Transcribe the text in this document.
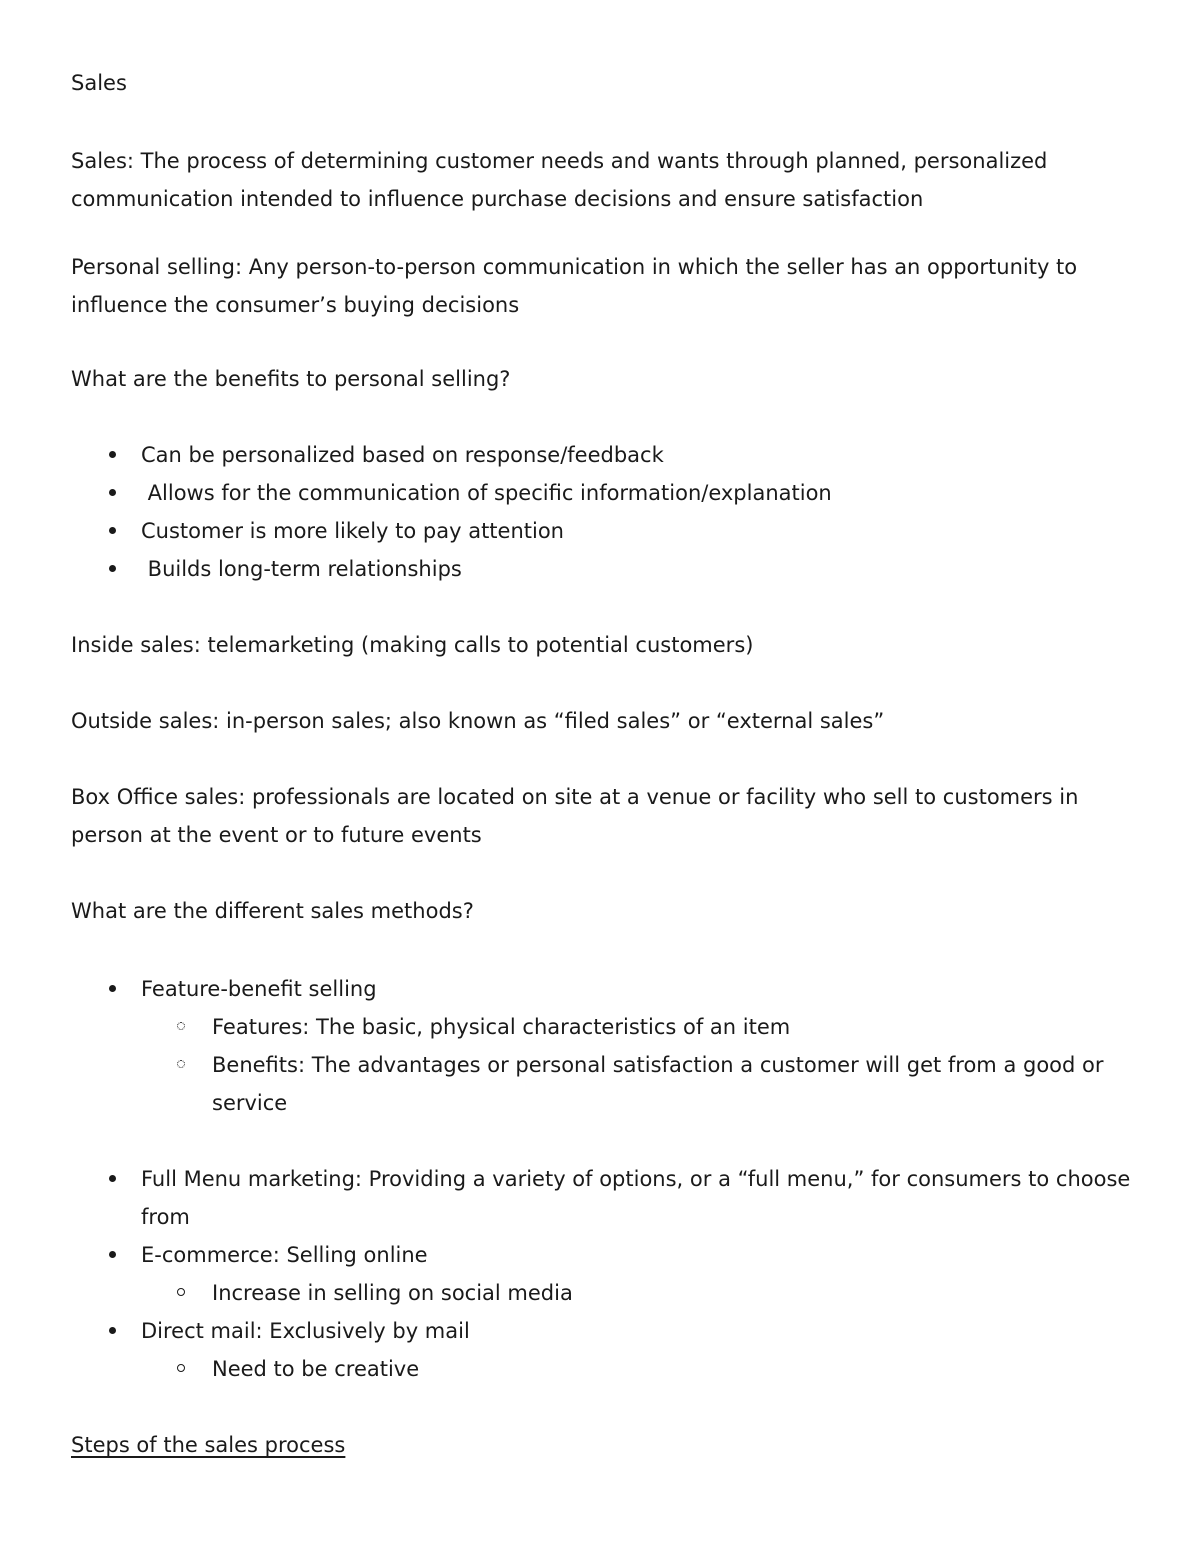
Sales

Sales: The process of determining customer needs and wants through planned, personalized communication intended to influence purchase decisions and ensure satisfaction

Personal selling: Any person-to-person communication in which the seller has an opportunity to influence the consumer’s buying decisions

What are the benefits to personal selling?

Can be personalized based on response/feedback
Allows for the communication of specific information/explanation
Customer is more likely to pay attention
Builds long-term relationships

Inside sales: telemarketing (making calls to potential customers)

Outside sales: in-person sales; also known as “filed sales” or “external sales”

Box Office sales: professionals are located on site at a venue or facility who sell to customers in person at the event or to future events

What are the different sales methods?

Feature-benefit selling
Features: The basic, physical characteristics of an item
Benefits: The advantages or personal satisfaction a customer will get from a good or service
Full Menu marketing: Providing a variety of options, or a “full menu,” for consumers to choose from
E-commerce: Selling online
Increase in selling on social media
Direct mail: Exclusively by mail
Need to be creative

Steps of the sales process
